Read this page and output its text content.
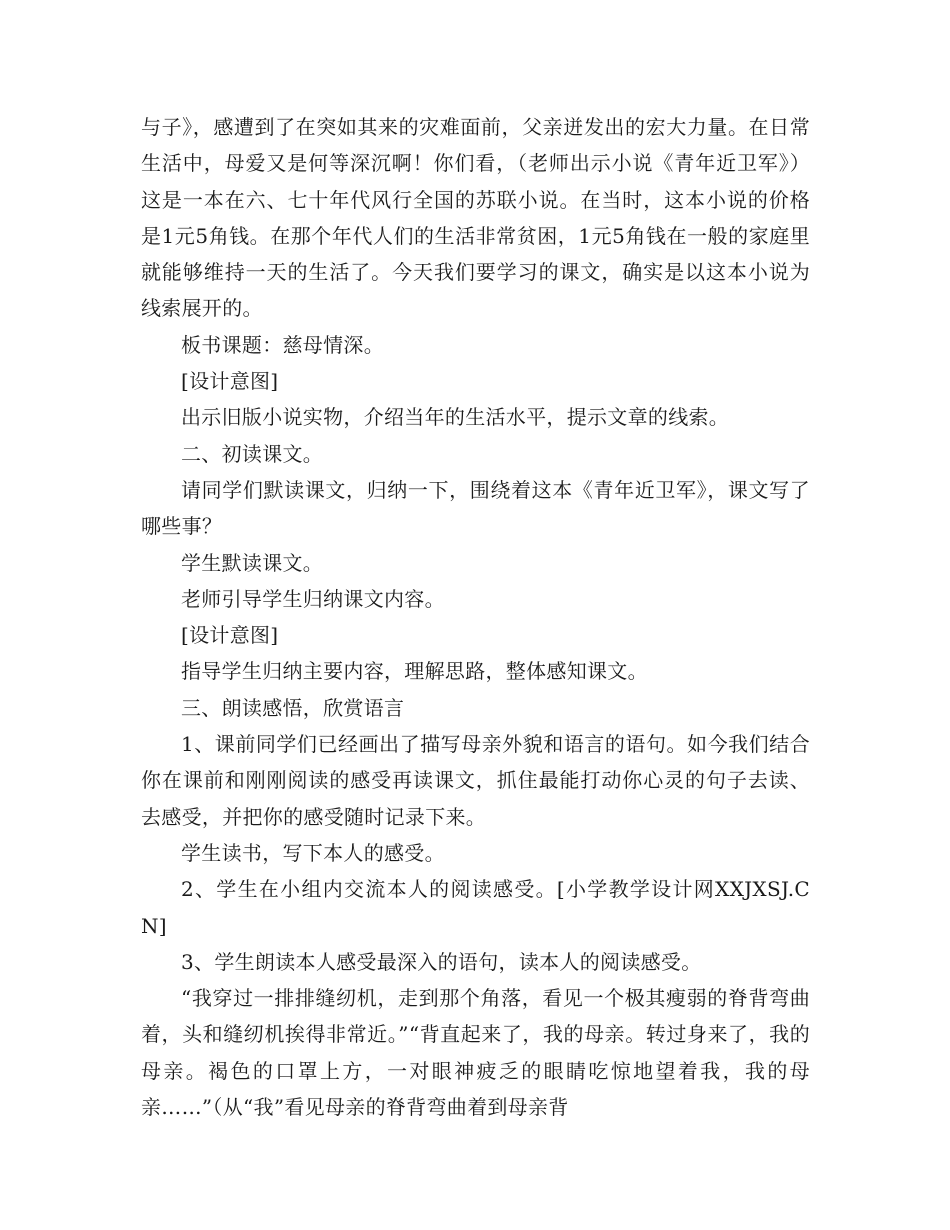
与子》，感遭到了在突如其来的灾难面前，父亲迸发出的宏大力量。在日常生活中，母爱又是何等深沉啊！你们看，（老师出示小说《青年近卫军》）这是一本在六、七十年代风行全国的苏联小说。在当时，这本小说的价格是1元5角钱。在那个年代人们的生活非常贫困，1元5角钱在一般的家庭里就能够维持一天的生活了。今天我们要学习的课文，确实是以这本小说为线索展开的。

板书课题：慈母情深。

[设计意图]

出示旧版小说实物，介绍当年的生活水平，提示文章的线索。

二、初读课文。

请同学们默读课文，归纳一下，围绕着这本《青年近卫军》，课文写了哪些事？

学生默读课文。

老师引导学生归纳课文内容。

[设计意图]

指导学生归纳主要内容，理解思路，整体感知课文。

三、朗读感悟，欣赏语言

1、课前同学们已经画出了描写母亲外貌和语言的语句。如今我们结合你在课前和刚刚阅读的感受再读课文，抓住最能打动你心灵的句子去读、去感受，并把你的感受随时记录下来。

学生读书，写下本人的感受。

2、学生在小组内交流本人的阅读感受。[小学教学设计网XXJXSJ.CN]

3、学生朗读本人感受最深入的语句，读本人的阅读感受。

“我穿过一排排缝纫机，走到那个角落，看见一个极其瘦弱的脊背弯曲着，头和缝纫机挨得非常近。”“背直起来了，我的母亲。转过身来了，我的母亲。褐色的口罩上方，一对眼神疲乏的眼睛吃惊地望着我，我的母亲……”（从“我”看见母亲的脊背弯曲着到母亲背
